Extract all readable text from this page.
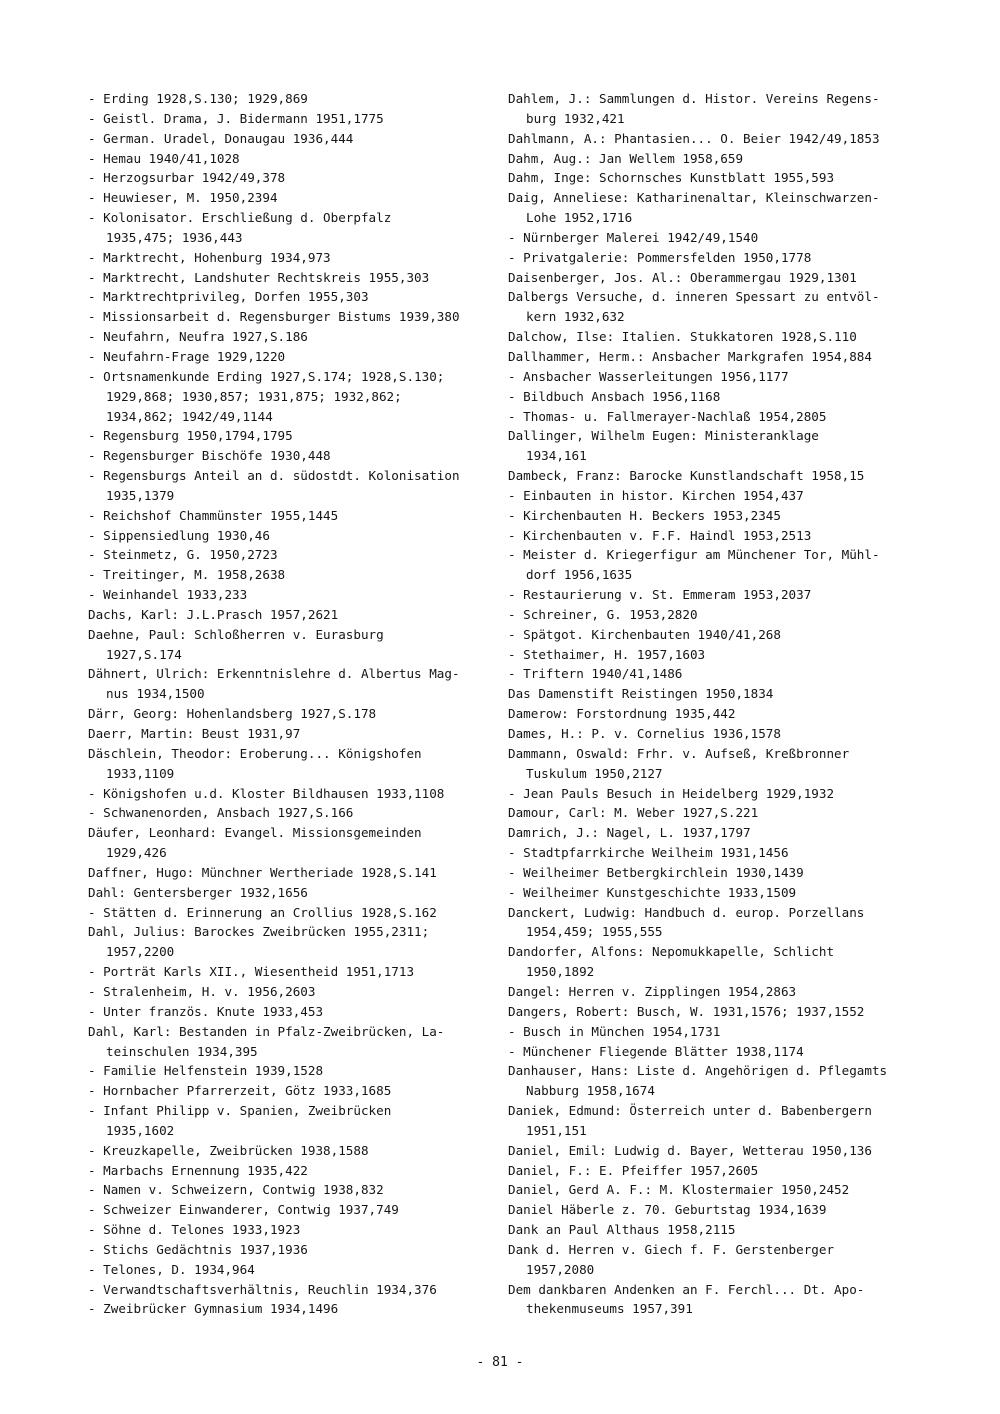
- Erding 1928,S.130; 1929,869
- Geistl. Drama, J. Bidermann 1951,1775
- German. Uradel, Donaugau 1936,444
- Hemau 1940/41,1028
- Herzogsurbar 1942/49,378
- Heuwieser, M. 1950,2394
- Kolonisator. Erschließung d. Oberpfalz
1935,475; 1936,443
- Marktrecht, Hohenburg 1934,973
- Marktrecht, Landshuter Rechtskreis 1955,303
- Marktrechtprivileg, Dorfen 1955,303
- Missionsarbeit d. Regensburger Bistums 1939,380
- Neufahrn, Neufra 1927,S.186
- Neufahrn-Frage 1929,1220
- Ortsnamenkunde Erding 1927,S.174; 1928,S.130;
1929,868; 1930,857; 1931,875; 1932,862;
1934,862; 1942/49,1144
- Regensburg 1950,1794,1795
- Regensburger Bischöfe 1930,448
- Regensburgs Anteil an d. südostdt. Kolonisation
1935,1379
- Reichshof Chammünster 1955,1445
- Sippensiedlung 1930,46
- Steinmetz, G. 1950,2723
- Treitinger, M. 1958,2638
- Weinhandel 1933,233
Dachs, Karl: J.L.Prasch 1957,2621
Daehne, Paul: Schloßherren v. Eurasburg
1927,S.174
Dähnert, Ulrich: Erkenntnislehre d. Albertus Mag-
nus 1934,1500
Därr, Georg: Hohenlandsberg 1927,S.178
Daerr, Martin: Beust 1931,97
Däschlein, Theodor: Eroberung... Königshofen
1933,1109
- Königshofen u.d. Kloster Bildhausen 1933,1108
- Schwanenorden, Ansbach 1927,S.166
Däufer, Leonhard: Evangel. Missionsgemeinden
1929,426
Daffner, Hugo: Münchner Wertheriade 1928,S.141
Dahl: Gentersberger 1932,1656
- Stätten d. Erinnerung an Crollius 1928,S.162
Dahl, Julius: Barockes Zweibrücken 1955,2311;
1957,2200
- Porträt Karls XII., Wiesentheid 1951,1713
- Stralenheim, H. v. 1956,2603
- Unter französ. Knute 1933,453
Dahl, Karl: Bestanden in Pfalz-Zweibrücken, La-
teinschulen 1934,395
- Familie Helfenstein 1939,1528
- Hornbacher Pfarrerzeit, Götz 1933,1685
- Infant Philipp v. Spanien, Zweibrücken
1935,1602
- Kreuzkapelle, Zweibrücken 1938,1588
- Marbachs Ernennung 1935,422
- Namen v. Schweizern, Contwig 1938,832
- Schweizer Einwanderer, Contwig 1937,749
- Söhne d. Telones 1933,1923
- Stichs Gedächtnis 1937,1936
- Telones, D. 1934,964
- Verwandtschaftsverhältnis, Reuchlin 1934,376
- Zweibrücker Gymnasium 1934,1496
Dahlem, J.: Sammlungen d. Histor. Vereins Regens-
burg 1932,421
Dahlmann, A.: Phantasien... O. Beier 1942/49,1853
Dahm, Aug.: Jan Wellem 1958,659
Dahm, Inge: Schornsches Kunstblatt 1955,593
Daig, Anneliese: Katharinenaltar, Kleinschwarzen-
Lohe 1952,1716
- Nürnberger Malerei 1942/49,1540
- Privatgalerie: Pommersfelden 1950,1778
Daisenberger, Jos. Al.: Oberammergau 1929,1301
Dalbergs Versuche, d. inneren Spessart zu entvöl-
kern 1932,632
Dalchow, Ilse: Italien. Stukkatoren 1928,S.110
Dallhammer, Herm.: Ansbacher Markgrafen 1954,884
- Ansbacher Wasserleitungen 1956,1177
- Bildbuch Ansbach 1956,1168
- Thomas- u. Fallmerayer-Nachlaß 1954,2805
Dallinger, Wilhelm Eugen: Ministeranklage
1934,161
Dambeck, Franz: Barocke Kunstlandschaft 1958,15
- Einbauten in histor. Kirchen 1954,437
- Kirchenbauten H. Beckers 1953,2345
- Kirchenbauten v. F.F. Haindl 1953,2513
- Meister d. Kriegerfigur am Münchener Tor, Mühl-
dorf 1956,1635
- Restaurierung v. St. Emmeram 1953,2037
- Schreiner, G. 1953,2820
- Spätgot. Kirchenbauten 1940/41,268
- Stethaimer, H. 1957,1603
- Triftern 1940/41,1486
Das Damenstift Reistingen 1950,1834
Damerow: Forstordnung 1935,442
Dames, H.: P. v. Cornelius 1936,1578
Dammann, Oswald: Frhr. v. Aufseß, Kreßbronner
Tuskulum 1950,2127
- Jean Pauls Besuch in Heidelberg 1929,1932
Damour, Carl: M. Weber 1927,S.221
Damrich, J.: Nagel, L. 1937,1797
- Stadtpfarrkirche Weilheim 1931,1456
- Weilheimer Betbergkirchlein 1930,1439
- Weilheimer Kunstgeschichte 1933,1509
Danckert, Ludwig: Handbuch d. europ. Porzellans
1954,459; 1955,555
Dandorfer, Alfons: Nepomukkapelle, Schlicht
1950,1892
Dangel: Herren v. Zipplingen 1954,2863
Dangers, Robert: Busch, W. 1931,1576; 1937,1552
- Busch in München 1954,1731
- Münchener Fliegende Blätter 1938,1174
Danhauser, Hans: Liste d. Angehörigen d. Pflegamts
Nabburg 1958,1674
Daniek, Edmund: Österreich unter d. Babenbergern
1951,151
Daniel, Emil: Ludwig d. Bayer, Wetterau 1950,136
Daniel, F.: E. Pfeiffer 1957,2605
Daniel, Gerd A. F.: M. Klostermaier 1950,2452
Daniel Häberle z. 70. Geburtstag 1934,1639
Dank an Paul Althaus 1958,2115
Dank d. Herren v. Giech f. F. Gerstenberger
1957,2080
Dem dankbaren Andenken an F. Ferchl... Dt. Apo-
thekenmuseums 1957,391
- 81 -
